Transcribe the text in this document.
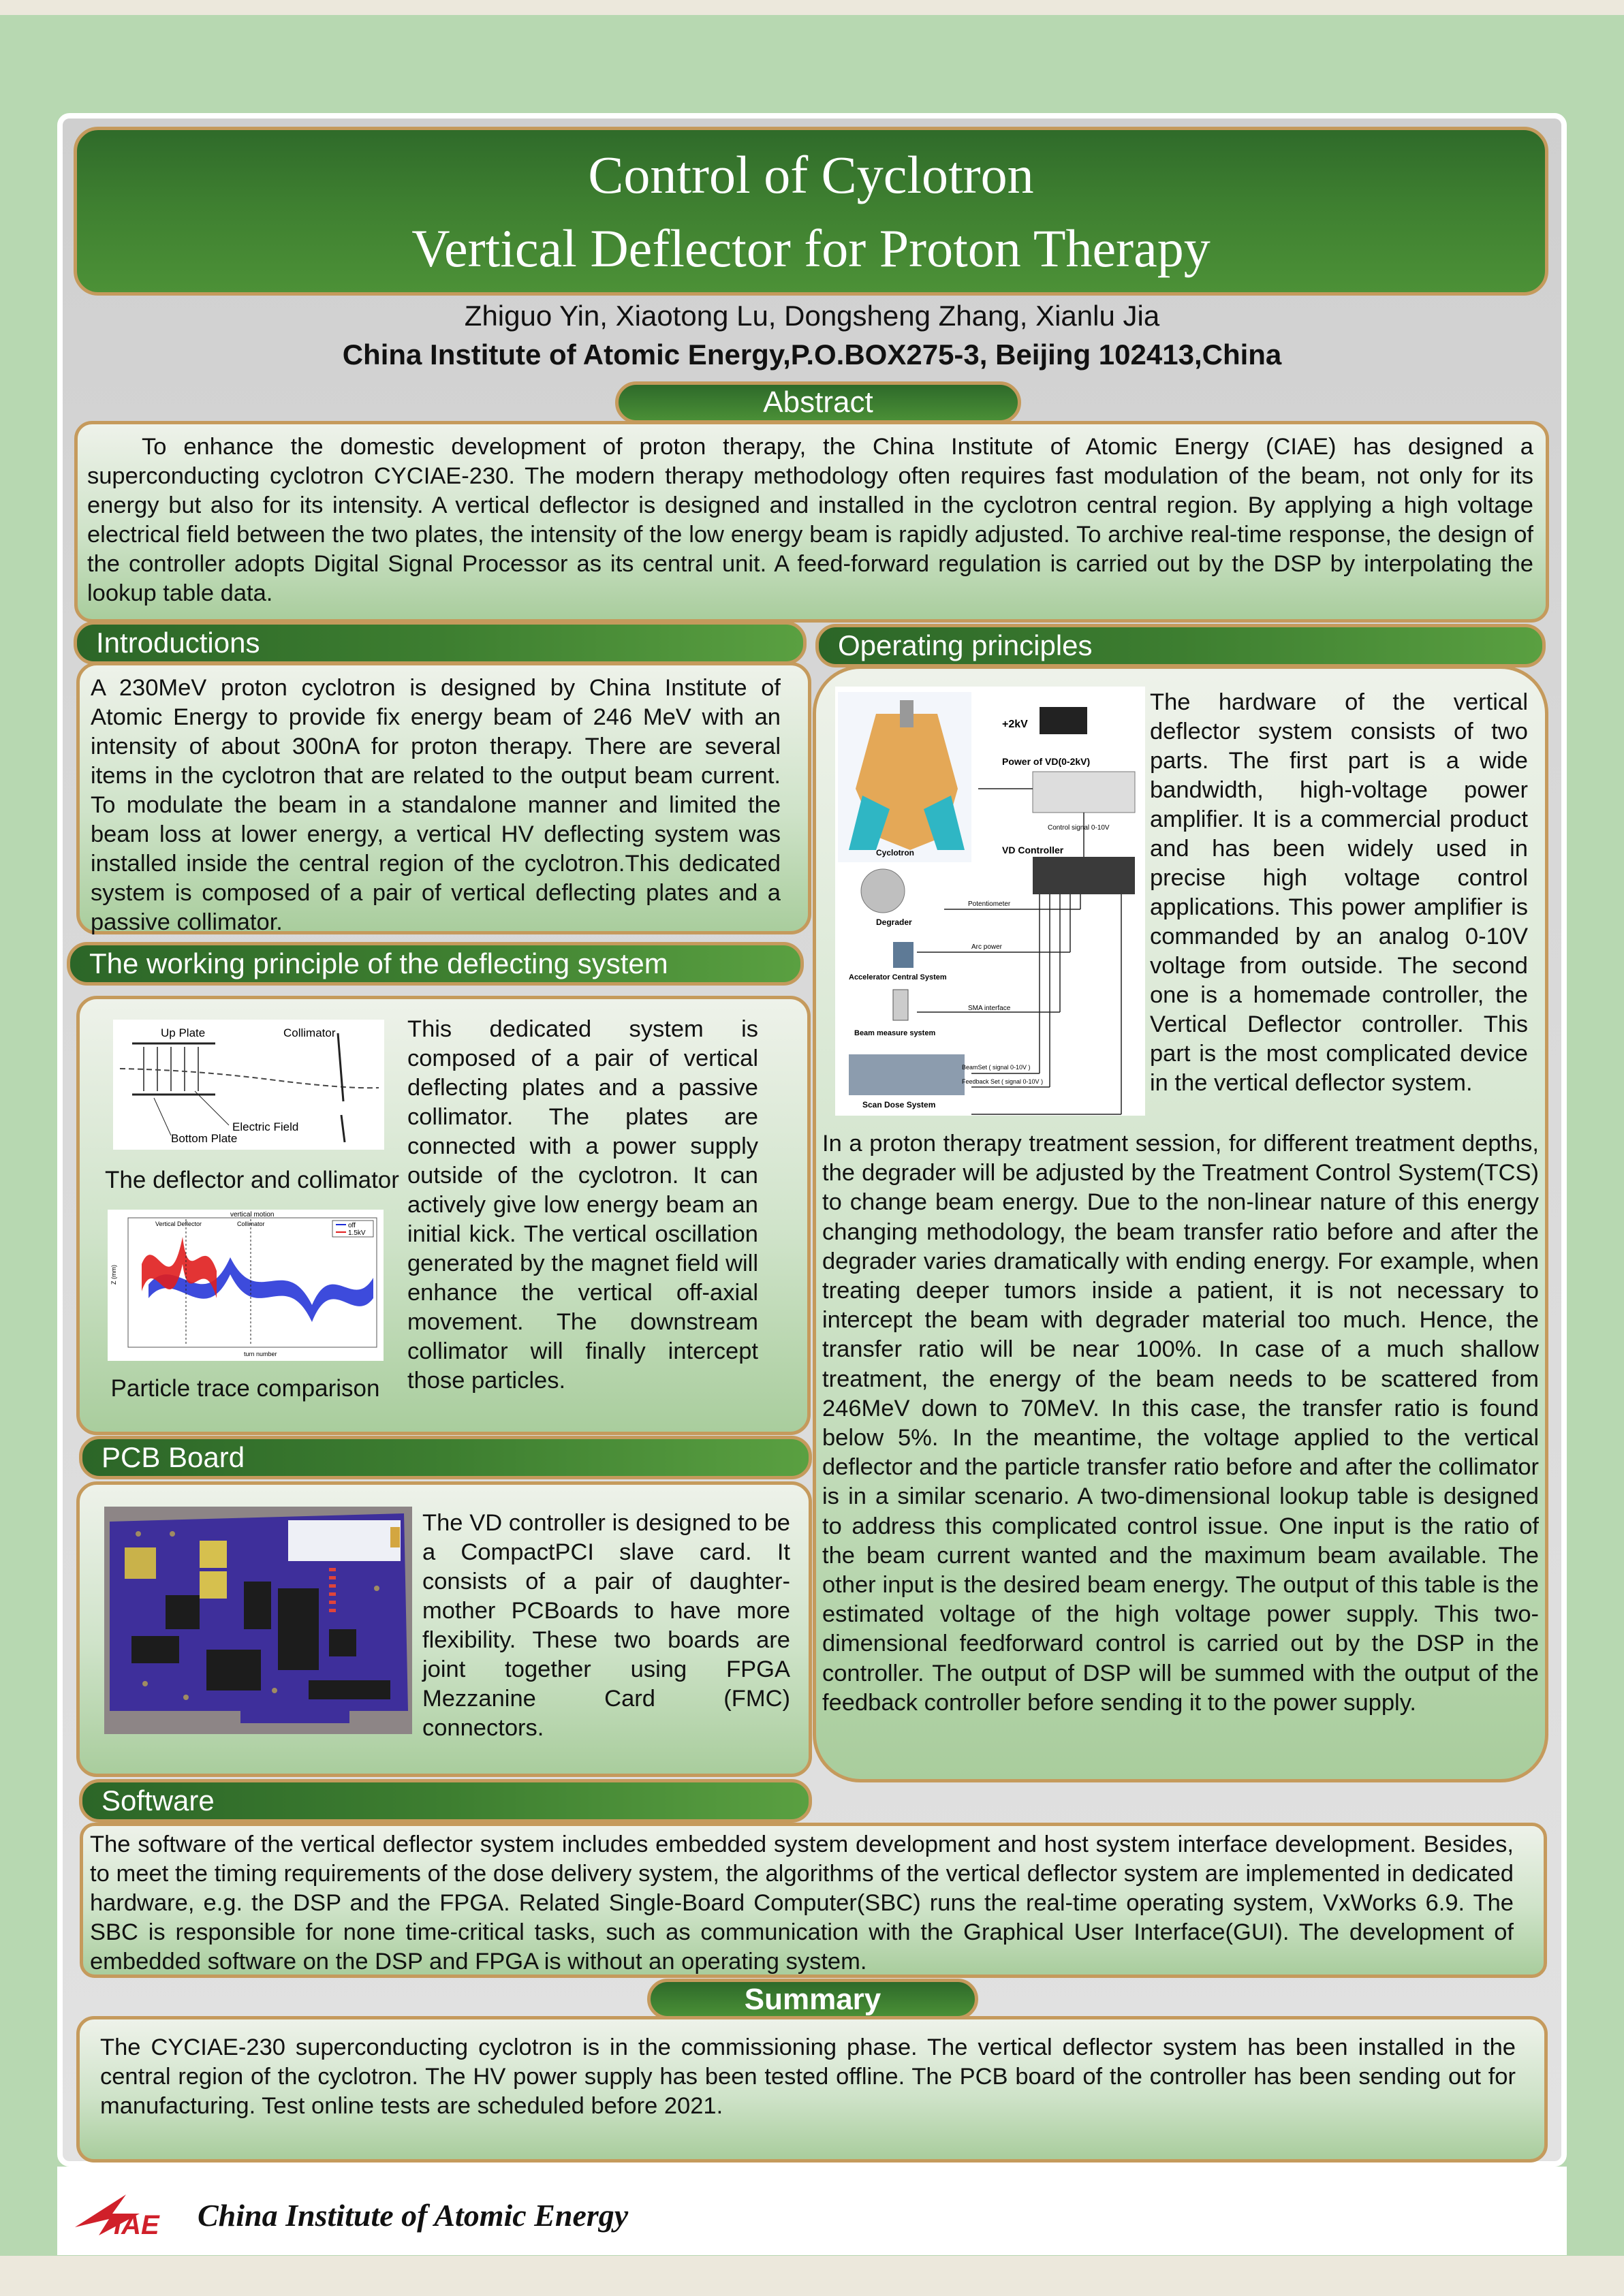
Control of Cyclotron
Vertical Deflector for Proton Therapy
Zhiguo Yin, Xiaotong Lu, Dongsheng Zhang, Xianlu Jia
China Institute of Atomic Energy,P.O.BOX275-3, Beijing 102413,China
Abstract
To enhance the domestic development of proton therapy, the China Institute of Atomic Energy (CIAE) has designed a superconducting cyclotron CYCIAE-230. The modern therapy methodology often requires fast modulation of the beam, not only for its energy but also for its intensity. A vertical deflector is designed and installed in the cyclotron central region. By applying a high voltage electrical field between the two plates, the intensity of the low energy beam is rapidly adjusted. To archive real-time response, the design of the controller adopts Digital Signal Processor as its central unit. A feed-forward regulation is carried out by the DSP by interpolating the lookup table data.
Introductions
A 230MeV proton cyclotron is designed by China Institute of Atomic Energy to provide fix energy beam of 246 MeV with an intensity of about 300nA for proton therapy. There are several items in the cyclotron that are related to the output beam current. To modulate the beam in a standalone manner and limited the beam loss at lower energy, a vertical HV deflecting system was installed inside the central region of the cyclotron.This dedicated system is composed of a pair of vertical deflecting plates and a passive collimator.
The working principle of the deflecting system
Up Plate	Collimator
Electric Field
Bottom Plate
The deflector and collimator
off
1.5kV
vertical motion
Vertical Deflector	Collimator
Z (mm)
turn number
Particle trace comparison
This dedicated system is composed of a pair of vertical deflecting plates and a passive collimator. The plates are connected with a power supply outside of the cyclotron. It can actively give low energy beam an initial kick. The vertical oscillation generated by the magnet field will enhance the vertical off-axial movement. The downstream collimator will finally intercept those particles.
PCB Board
The VD controller is designed to be a CompactPCI slave card. It consists of a pair of daughter-mother PCBoards to have more flexibility. These two boards are joint together using FPGA Mezzanine Card (FMC) connectors.
Operating principles
Cyclotron
+2kV
Power of VD(0-2kV)
Control signal 0-10V
VD Controller
Degrader
Potentiometer
Accelerator Central System
Arc power
Beam measure system
SMA interface
Scan Dose System
BeamSet ( signal 0-10V )
Feedback Set ( signal 0-10V )
The hardware of the vertical deflector system consists of two parts. The first part is a wide bandwidth, high-voltage power amplifier. It is a commercial product and has been widely used in precise high voltage control applications. This power amplifier is commanded by an analog 0-10V voltage from outside. The second one is a homemade controller, the Vertical Deflector controller. This part is the most complicated device in the vertical deflector system.
In a proton therapy treatment session, for different treatment depths, the degrader will be adjusted by the Treatment Control System(TCS) to change beam energy. Due to the non-linear nature of this energy changing methodology, the beam transfer ratio before and after the degrader varies dramatically with ending energy. For example, when treating deeper tumors inside a patient, it is not necessary to intercept the beam with degrader material too much. Hence, the transfer ratio will be near 100%. In case of a much shallow treatment, the energy of the beam needs to be scattered from 246MeV down to 70MeV. In this case, the transfer ratio is found below 5%. In the meantime, the voltage applied to the vertical deflector and the particle transfer ratio before and after the collimator is in a similar scenario. A two-dimensional lookup table is designed to address this complicated control issue. One input is the ratio of the beam current wanted and the maximum beam available. The other input is the desired beam energy. The output of this table is the estimated voltage of the high voltage power supply. This two-dimensional feedforward control is carried out by the DSP in the controller. The output of DSP will be summed with the output of the feedback controller before sending it to the power supply.
Software
The software of the vertical deflector system includes embedded system development and host system interface development. Besides, to meet the timing requirements of the dose delivery system, the algorithms of the vertical deflector system are implemented in dedicated hardware, e.g. the DSP and the FPGA. Related Single-Board Computer(SBC) runs the real-time operating system, VxWorks 6.9. The SBC is responsible for none time-critical tasks, such as communication with the Graphical User Interface(GUI). The development of embedded software on the DSP and FPGA is without an operating system.
Summary
The CYCIAE-230 superconducting cyclotron is in the commissioning phase. The vertical deflector system has been installed in the central region of the cyclotron. The HV power supply has been tested offline. The PCB board of the controller has been sending out for manufacturing. Test online tests are scheduled before 2021.
IAE China Institute of Atomic Energy
